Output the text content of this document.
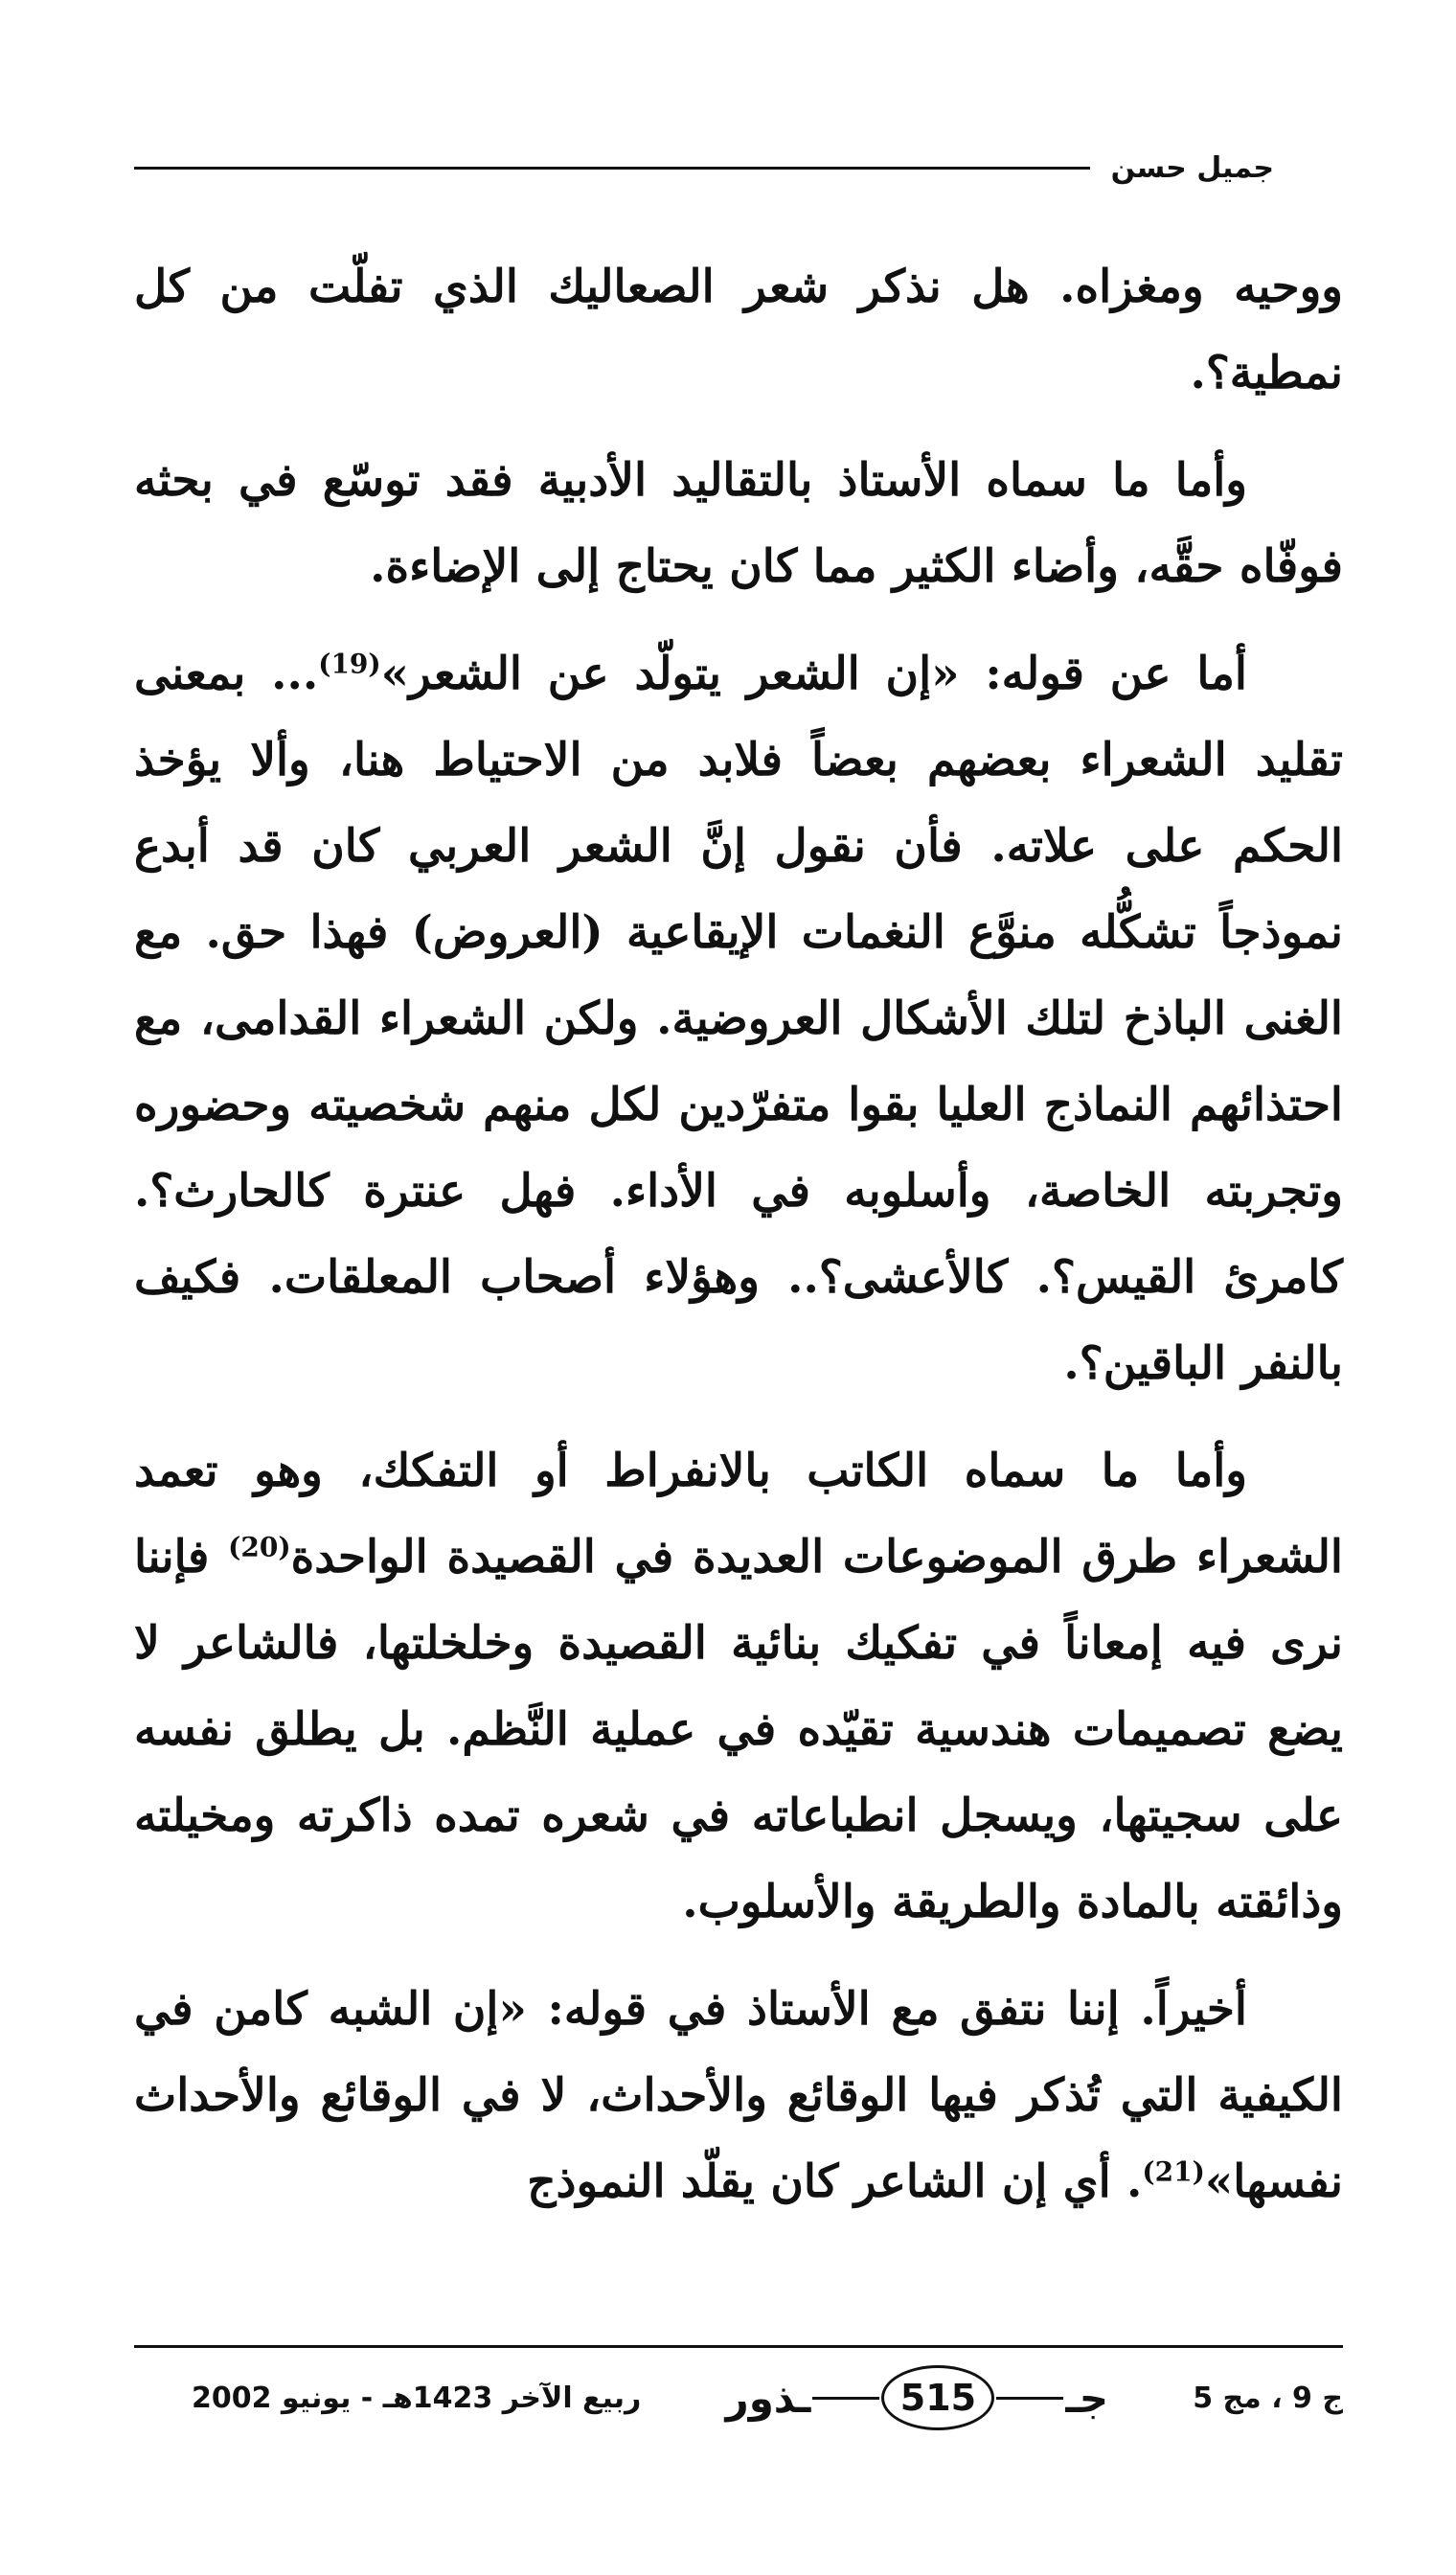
جميل حسن

ووحيه ومغزاه. هل نذكر شعر الصعاليك الذي تفلّت من كل نمطية؟.

وأما ما سماه الأستاذ بالتقاليد الأدبية فقد توسّع في بحثه فوفّاه حقَّه، وأضاء الكثير مما كان يحتاج إلى الإضاءة.

أما عن قوله: «إن الشعر يتولّد عن الشعر»$^{(19)}$... بمعنى تقليد الشعراء بعضهم بعضاً فلابد من الاحتياط هنا، وألا يؤخذ الحكم على علاته. فأن نقول إنَّ الشعر العربي كان قد أبدع نموذجاً تشكُّله منوَّع النغمات الإيقاعية (العروض) فهذا حق. مع الغنى الباذخ لتلك الأشكال العروضية. ولكن الشعراء القدامى، مع احتذائهم النماذج العليا بقوا متفرّدين لكل منهم شخصيته وحضوره وتجربته الخاصة، وأسلوبه في الأداء. فهل عنترة كالحارث؟. كامرئ القيس؟. كالأعشى؟.. وهؤلاء أصحاب المعلقات. فكيف بالنفر الباقين؟.

وأما ما سماه الكاتب بالانفراط أو التفكك، وهو تعمد الشعراء طرق الموضوعات العديدة في القصيدة الواحدة$^{(20)}$ فإننا نرى فيه إمعاناً في تفكيك بنائية القصيدة وخلخلتها، فالشاعر لا يضع تصميمات هندسية تقيّده في عملية النَّظم. بل يطلق نفسه على سجيتها، ويسجل انطباعاته في شعره تمده ذاكرته ومخيلته وذائقته بالمادة والطريقة والأسلوب.

أخيراً. إننا نتفق مع الأستاذ في قوله: «إن الشبه كامن في الكيفية التي تُذكر فيها الوقائع والأحداث، لا في الوقائع والأحداث نفسها»$^{(21)}$. أي إن الشاعر كان يقلّد النموذج

ج 9 ، مج 5
جـ
515
ـذور
ربيع الآخر 1423هـ - يونيو 2002
